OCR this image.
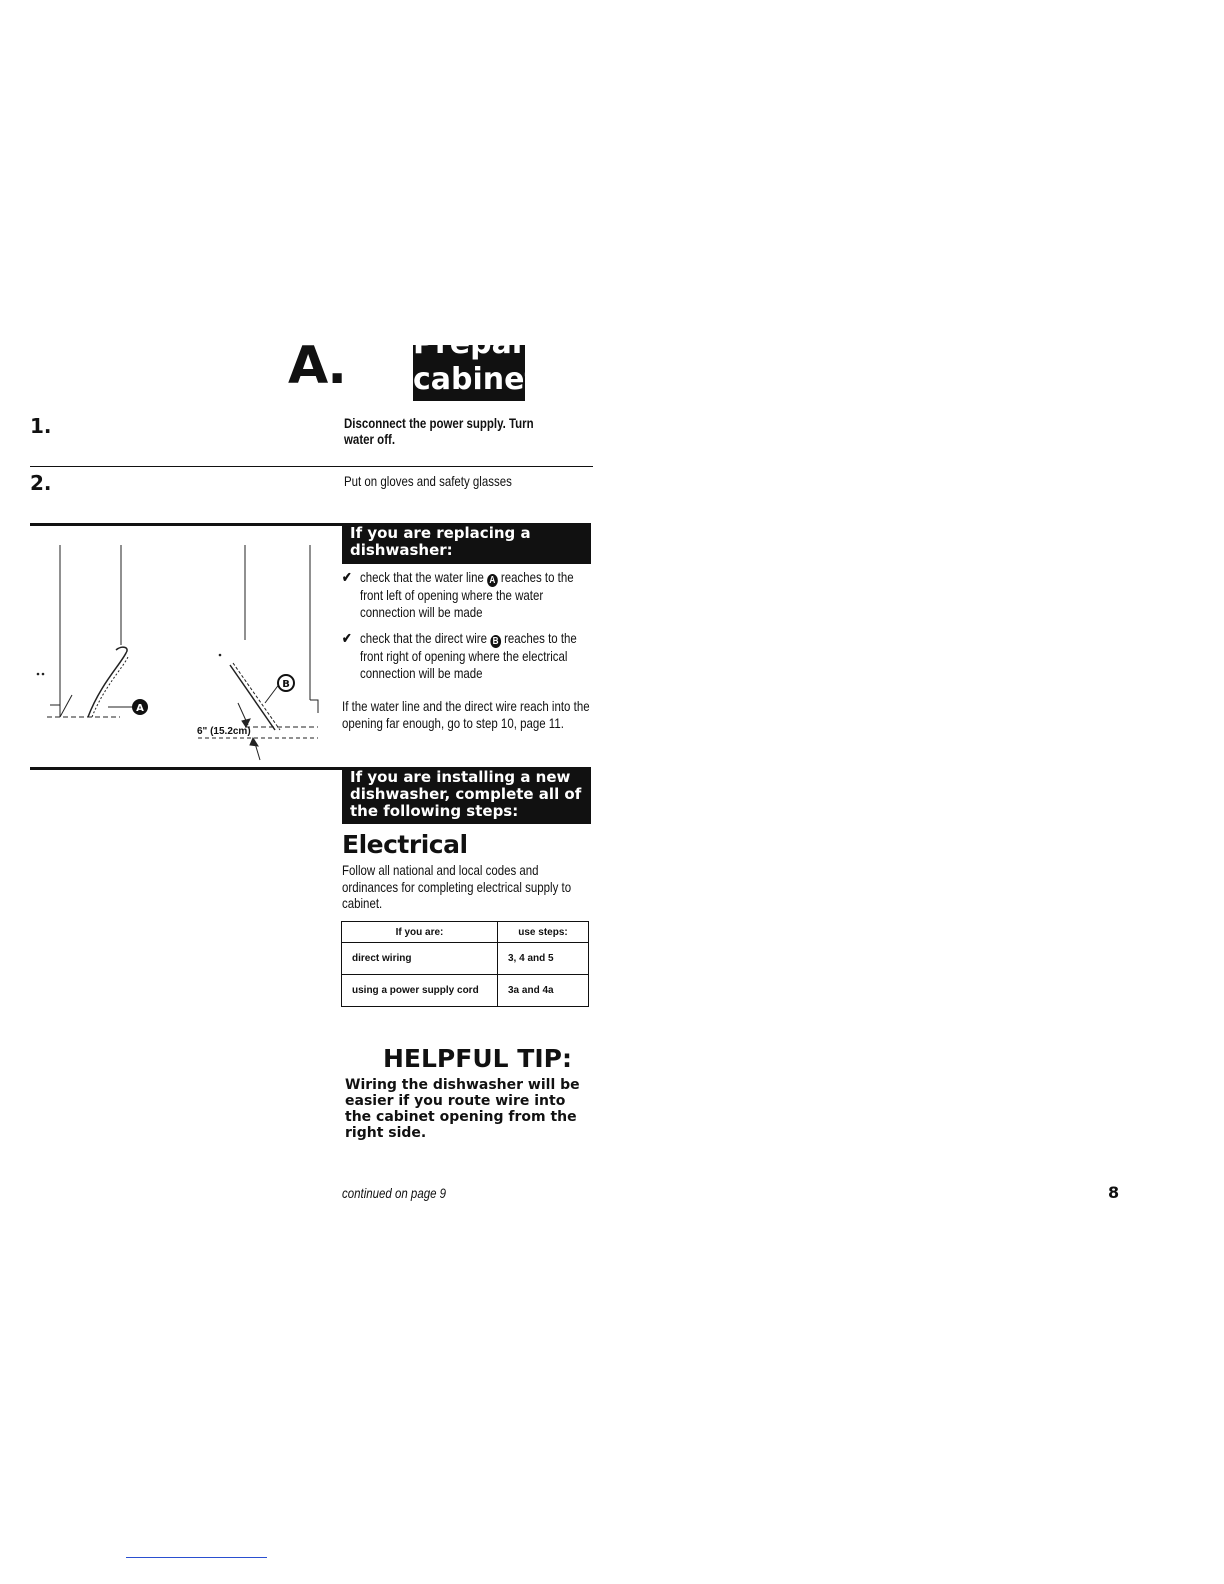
A. Prepare
cabinet
1.	Disconnect the power supply. Turn water off.
2.	Put on gloves and safety glasses
If you are replacing a dishwasher:
A
B
6" (15.2cm)
✔ check that the water line A reaches to the front left of opening where the water connection will be made
✔ check that the direct wire B reaches to the front right of opening where the electrical connection will be made
If the water line and the direct wire reach into the opening far enough, go to step 10, page 11.
If you are installing a new dishwasher, complete all of the following steps:
Electrical
Follow all national and local codes and ordinances for completing electrical supply to cabinet.
If you are:	use steps:
direct wiring	3, 4 and 5
using a power supply cord	3a and 4a
HELPFUL TIP:
Wiring the dishwasher will be easier if you route wire into the cabinet opening from the right side.
continued on page 9	8
